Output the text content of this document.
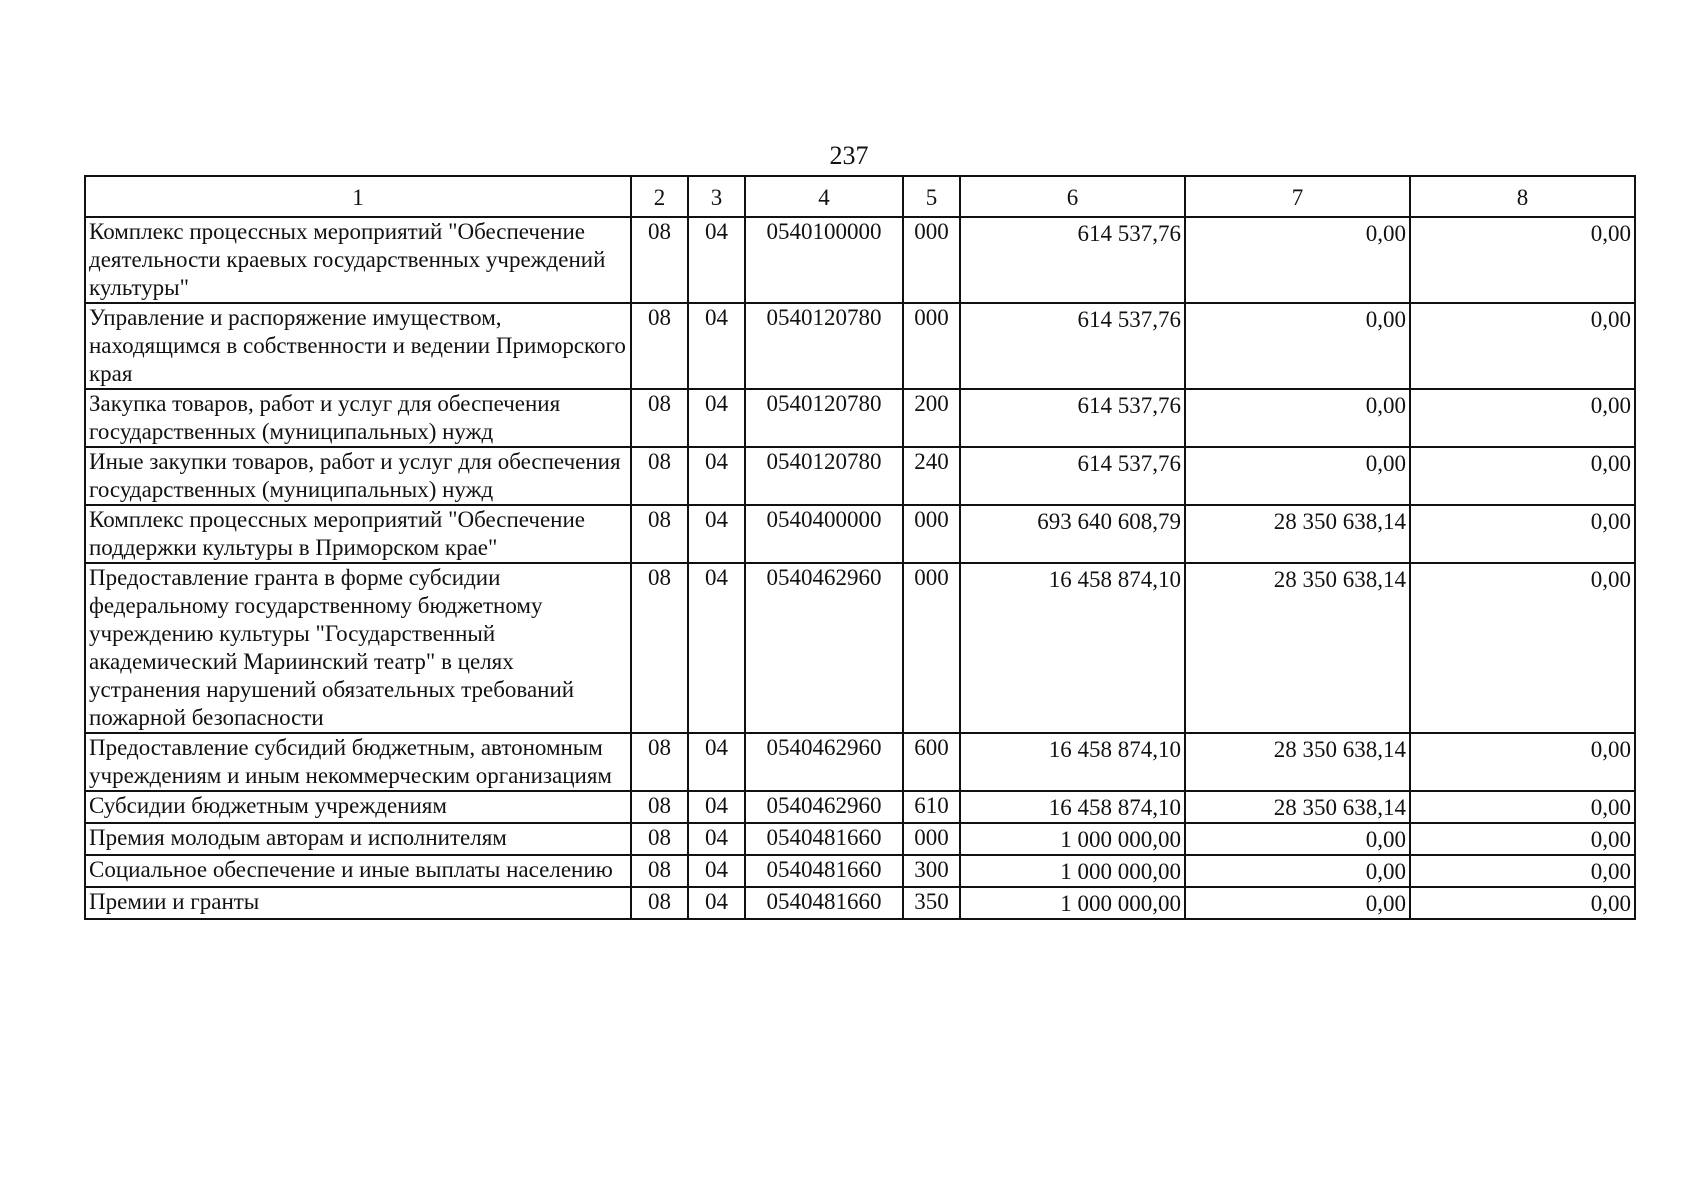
237
1	2	3	4	5	6	7	8
Комплекс процессных мероприятий "Обеспечение деятельности краевых государственных учреждений культуры"	08	04	0540100000	000	614 537,76	0,00	0,00
Управление и распоряжение имуществом, находящимся в собственности и ведении Приморского края	08	04	0540120780	000	614 537,76	0,00	0,00
Закупка товаров, работ и услуг для обеспечения государственных (муниципальных) нужд	08	04	0540120780	200	614 537,76	0,00	0,00
Иные закупки товаров, работ и услуг для обеспечения государственных (муниципальных) нужд	08	04	0540120780	240	614 537,76	0,00	0,00
Комплекс процессных мероприятий "Обеспечение поддержки культуры в Приморском крае"	08	04	0540400000	000	693 640 608,79	28 350 638,14	0,00
Предоставление гранта в форме субсидии федеральному государственному бюджетному учреждению культуры "Государственный академический Мариинский театр" в целях устранения нарушений обязательных требований пожарной безопасности	08	04	0540462960	000	16 458 874,10	28 350 638,14	0,00
Предоставление субсидий бюджетным, автономным учреждениям и иным некоммерческим организациям	08	04	0540462960	600	16 458 874,10	28 350 638,14	0,00
Субсидии бюджетным учреждениям	08	04	0540462960	610	16 458 874,10	28 350 638,14	0,00
Премия молодым авторам и исполнителям	08	04	0540481660	000	1 000 000,00	0,00	0,00
Социальное обеспечение и иные выплаты населению	08	04	0540481660	300	1 000 000,00	0,00	0,00
Премии и гранты	08	04	0540481660	350	1 000 000,00	0,00	0,00
